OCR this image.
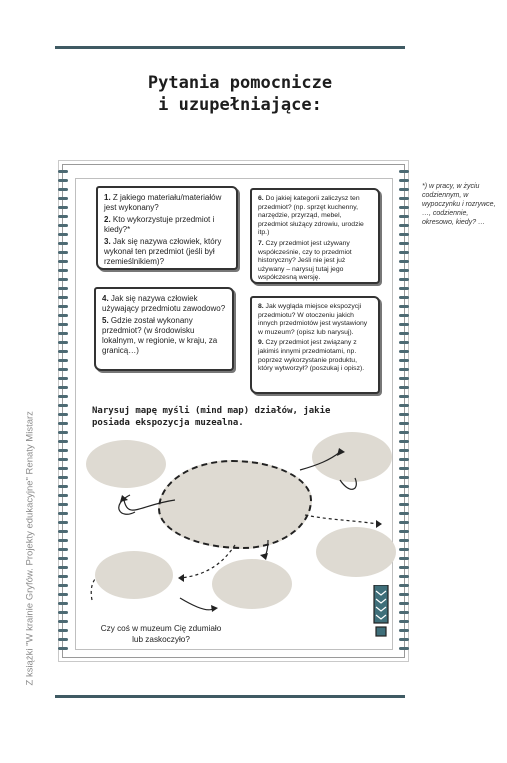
Pytania pomocnicze
i uzupełniające:
1. Z jakiego materiału/materiałów jest wykonany?
2. Kto wykorzystuje przedmiot i kiedy?*
3. Jak się nazywa człowiek, który wykonał ten przedmiot (jeśli był rzemieślnikiem)?
6. Do jakiej kategorii zaliczysz ten przedmiot? (np. sprzęt kuchenny, narzędzie, przyrząd, mebel, przedmiot służący zdrowiu, urodzie itp.)
7. Czy przedmiot jest używany współcześnie, czy to przedmiot historyczny? Jeśli nie jest już używany – narysuj tutaj jego współczesną wersję.
4. Jak się nazywa człowiek używający przedmiotu zawodowo?
5. Gdzie został wykonany przedmiot? (w środowisku lokalnym, w regionie, w kraju, za granicą…)
8. Jak wygląda miejsce ekspozycji przedmiotu? W otoczeniu jakich innych przedmiotów jest wystawiony w muzeum? (opisz lub narysuj).
9. Czy przedmiot jest związany z jakimiś innymi przedmiotami, np. poprzez wykorzystanie produktu, który wytworzył? (poszukaj i opisz).
*) w pracy, w życiu codziennym, w wypoczynku i rozrywce, …, codziennie, okresowo, kiedy? …
Z książki "W krainie Gryfów. Projekty edukacyjne" Renaty Mistarz
Narysuj mapę myśli (mind map) działów, jakie posiada ekspozycja muzealna.
Czy coś w muzeum Cię zdumiało lub zaskoczyło?
